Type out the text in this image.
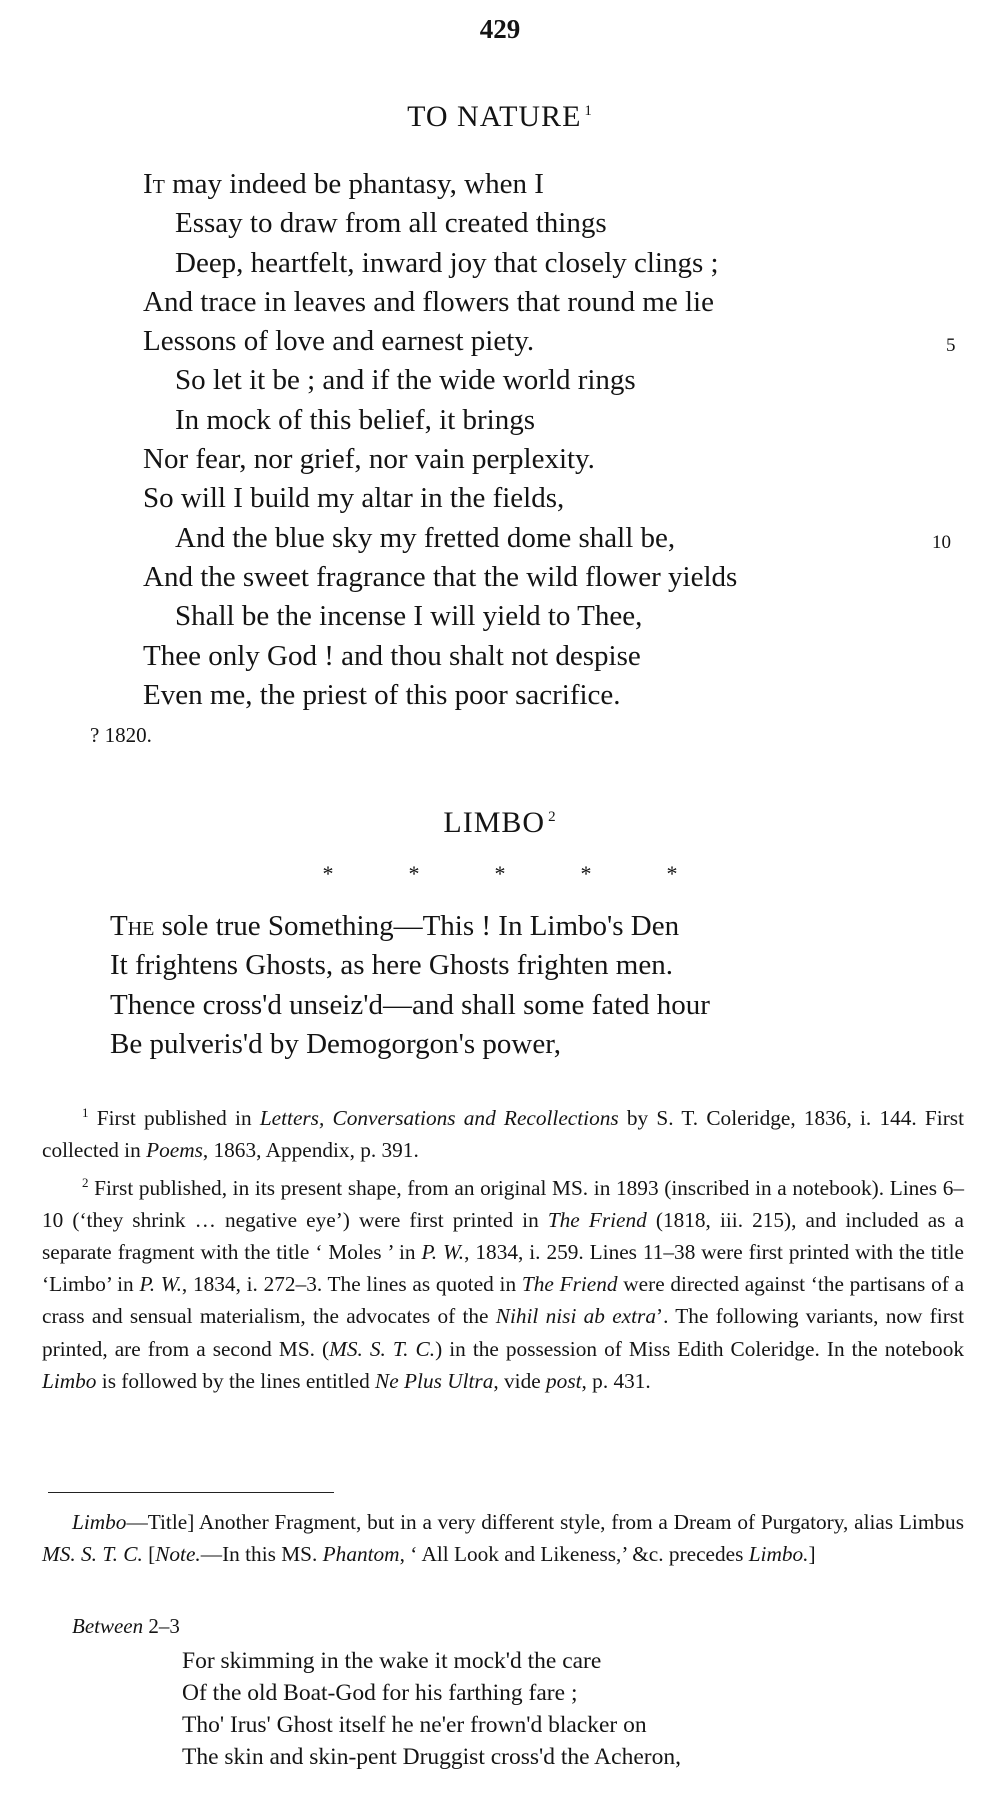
429
TO NATURE $^1$
It may indeed be phantasy, when I
Essay to draw from all created things
Deep, heartfelt, inward joy that closely clings ;
And trace in leaves and flowers that round me lie
Lessons of love and earnest piety.
So let it be ; and if the wide world rings
In mock of this belief, it brings
Nor fear, nor grief, nor vain perplexity.
So will I build my altar in the fields,
And the blue sky my fretted dome shall be,
And the sweet fragrance that the wild flower yields
Shall be the incense I will yield to Thee,
Thee only God ! and thou shalt not despise
Even me, the priest of this poor sacrifice.
5
10
? 1820.
LIMBO $^2$
*	*	*	*	*
The sole true Something—This ! In Limbo's Den
It frightens Ghosts, as here Ghosts frighten men.
Thence cross'd unseiz'd—and shall some fated hour
Be pulveris'd by Demogorgon's power,

$^1$ First published in Letters, Conversations and Recollections by S. T. Coleridge, 1836, i. 144. First collected in Poems, 1863, Appendix, p. 391.

$^2$ First published, in its present shape, from an original MS. in 1893 (inscribed in a notebook). Lines 6–10 (‘they shrink … negative eye’) were first printed in The Friend (1818, iii. 215), and included as a separate fragment with the title ‘ Moles ’ in P. W., 1834, i. 259. Lines 11–38 were first printed with the title ‘Limbo’ in P. W., 1834, i. 272–3. The lines as quoted in The Friend were directed against ‘the partisans of a crass and sensual materialism, the advocates of the Nihil nisi ab extra’. The following variants, now first printed, are from a second MS. (MS. S. T. C.) in the possession of Miss Edith Coleridge. In the notebook Limbo is followed by the lines entitled Ne Plus Ultra, vide post, p. 431.

Limbo—Title] Another Fragment, but in a very different style, from a Dream of Purgatory, alias Limbus MS. S. T. C. [Note.—In this MS. Phantom, ‘ All Look and Likeness,’ &c. precedes Limbo.]

Between 2–3
For skimming in the wake it mock'd the care
Of the old Boat-God for his farthing fare ;
Tho' Irus' Ghost itself he ne'er frown'd blacker on
The skin and skin-pent Druggist cross'd the Acheron,
